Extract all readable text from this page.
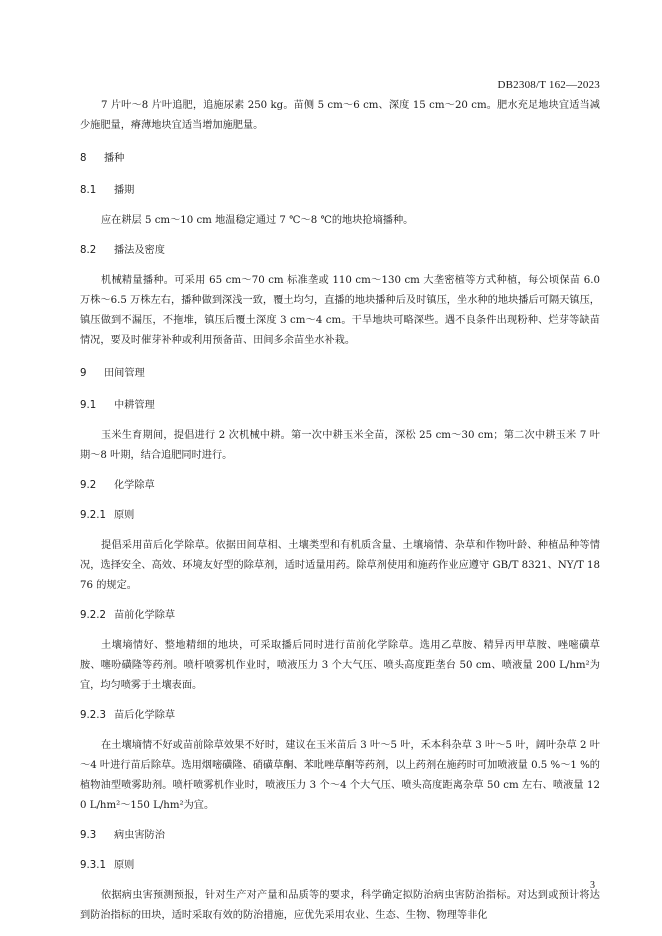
DB2308/T 162—2023

7 片叶～8 片叶追肥，追施尿素 250 kg。苗侧 5 cm～6 cm、深度 15 cm～20 cm。肥水充足地块宜适当减少施肥量，瘠薄地块宜适当增加施肥量。

8 播种
8.1 播期

应在耕层 5 cm～10 cm 地温稳定通过 7 ℃～8 ℃的地块抢墒播种。

8.2 播法及密度

机械精量播种。可采用 65 cm～70 cm 标准垄或 110 cm～130 cm 大垄密植等方式种植，每公顷保苗 6.0 万株～6.5 万株左右，播种做到深浅一致，覆土均匀，直播的地块播种后及时镇压，坐水种的地块播后可隔天镇压，镇压做到不漏压，不拖堆，镇压后覆土深度 3 cm～4 cm。干旱地块可略深些。遇不良条件出现粉种、烂芽等缺苗情况，要及时催芽补种或利用预备苗、田间多余苗坐水补栽。

9 田间管理
9.1 中耕管理

玉米生育期间，提倡进行 2 次机械中耕。第一次中耕玉米全苗，深松 25 cm～30 cm；第二次中耕玉米 7 叶期～8 叶期，结合追肥同时进行。

9.2 化学除草
9.2.1 原则

提倡采用苗后化学除草。依据田间草相、土壤类型和有机质含量、土壤墒情、杂草和作物叶龄、种植品种等情况，选择安全、高效、环境友好型的除草剂，适时适量用药。除草剂使用和施药作业应遵守 GB/T 8321、NY/T 1876 的规定。

9.2.2 苗前化学除草

土壤墒情好、整地精细的地块，可采取播后同时进行苗前化学除草。选用乙草胺、精异丙甲草胺、唑嘧磺草胺、噻吩磺隆等药剂。喷杆喷雾机作业时，喷液压力 3 个大气压、喷头高度距垄台 50 cm、喷液量 200 L/hm²为宜，均匀喷雾于土壤表面。

9.2.3 苗后化学除草

在土壤墒情不好或苗前除草效果不好时，建议在玉米苗后 3 叶～5 叶，禾本科杂草 3 叶～5 叶，阔叶杂草 2 叶～4 叶进行苗后除草。选用烟嘧磺隆、硝磺草酮、苯吡唑草酮等药剂，以上药剂在施药时可加喷液量 0.5 %～1 %的植物油型喷雾助剂。喷杆喷雾机作业时，喷液压力 3 个～4 个大气压、喷头高度距离杂草 50 cm 左右、喷液量 120 L/hm²～150 L/hm²为宜。

9.3 病虫害防治
9.3.1 原则

依据病虫害预测预报，针对生产对产量和品质等的要求，科学确定拟防治病虫害防治指标。对达到或预计将达到防治指标的田块，适时采取有效的防治措施，应优先采用农业、生态、生物、物理等非化

3
